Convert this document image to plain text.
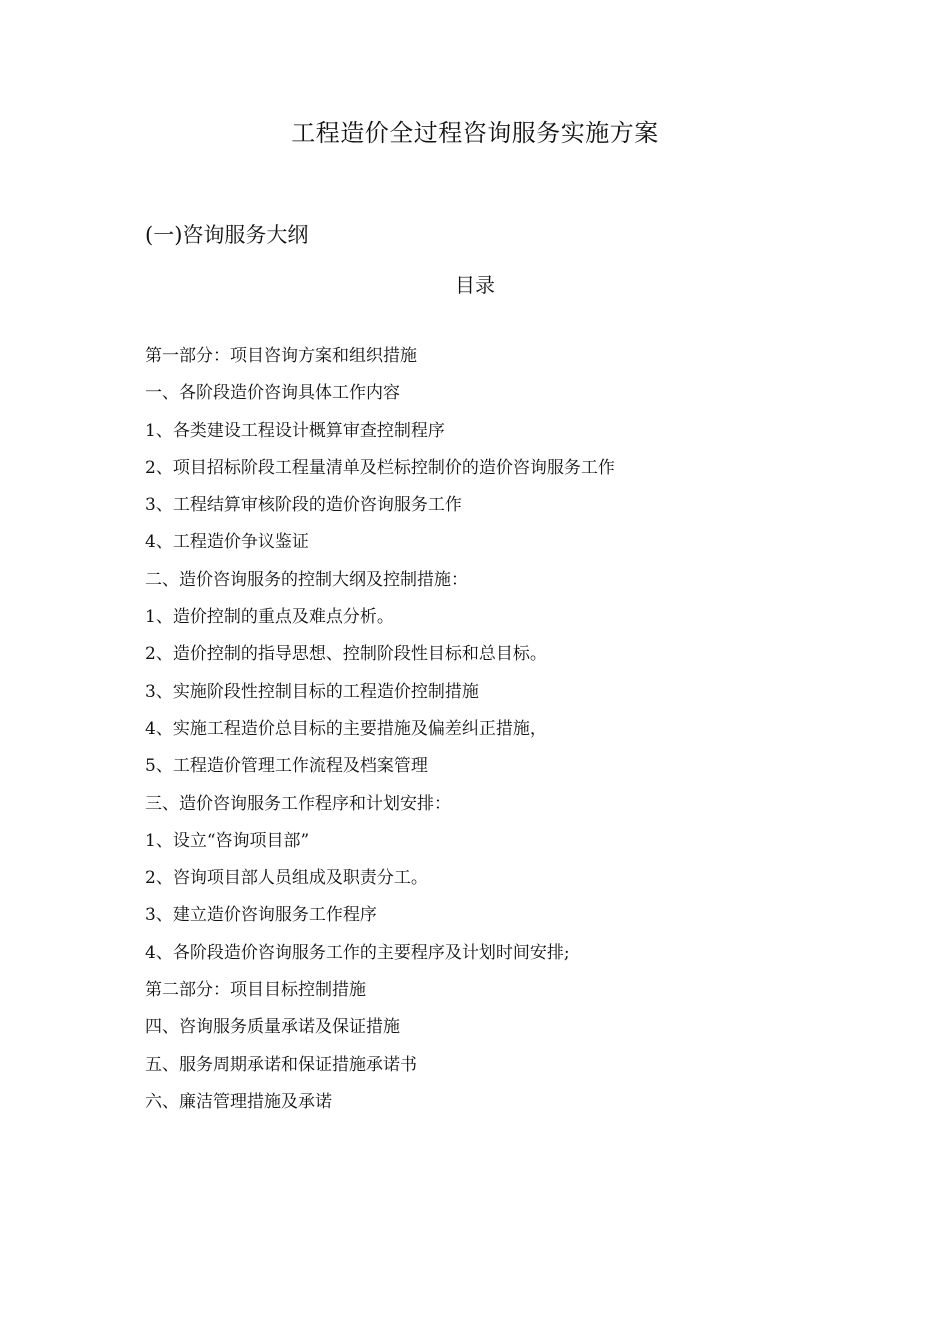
工程造价全过程咨询服务实施方案
(一)咨询服务大纲
目录
第一部分：项目咨询方案和组织措施
一、各阶段造价咨询具体工作内容
1、各类建设工程设计概算审查控制程序
2、项目招标阶段工程量清单及栏标控制价的造价咨询服务工作
3、工程结算审核阶段的造价咨询服务工作
4、工程造价争议鉴证
二、造价咨询服务的控制大纲及控制措施：
1、造价控制的重点及难点分析。
2、造价控制的指导思想、控制阶段性目标和总目标。
3、实施阶段性控制目标的工程造价控制措施
4、实施工程造价总目标的主要措施及偏差纠正措施，
5、工程造价管理工作流程及档案管理
三、造价咨询服务工作程序和计划安排：
1、设立“咨询项目部”
2、咨询项目部人员组成及职责分工。
3、建立造价咨询服务工作程序
4、各阶段造价咨询服务工作的主要程序及计划时间安排;
第二部分：项目目标控制措施
四、咨询服务质量承诺及保证措施
五、服务周期承诺和保证措施承诺书
六、廉洁管理措施及承诺
